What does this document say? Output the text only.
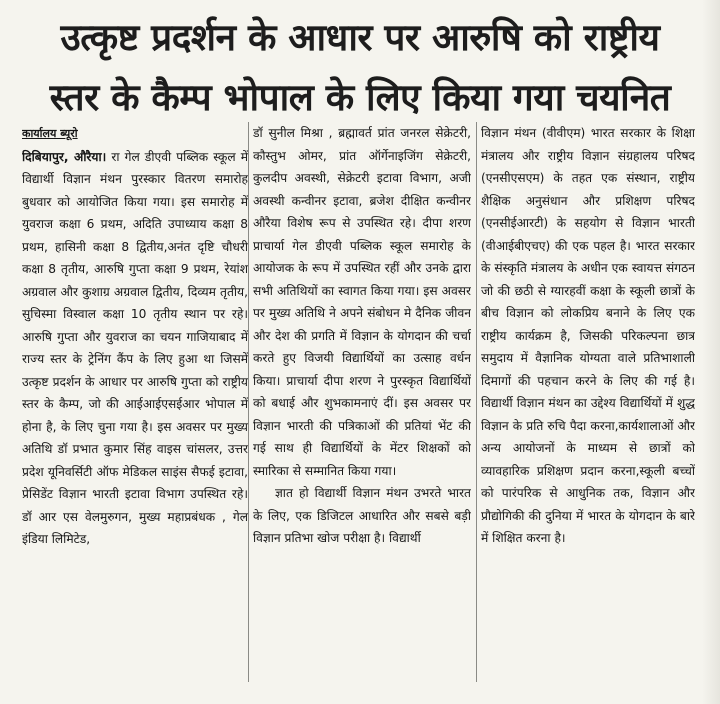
उत्कृष्ट प्रदर्शन के आधार पर आरुषि को राष्ट्रीय
स्तर के कैम्प भोपाल के लिए किया गया चयनित

कार्यालय ब्यूरो
दिबियापुर, औरैया। रा गेल डीएवी पब्लिक स्कूल में विद्यार्थी विज्ञान मंथन पुरस्कार वितरण समारोह बुधवार को आयोजित किया गया। इस समारोह में युवराज कक्षा 6 प्रथम, अदिति उपाध्याय कक्षा 8 प्रथम, हासिनी कक्षा 8 द्वितीय,अनंत दृष्टि चौधरी कक्षा 8 तृतीय, आरुषि गुप्ता कक्षा 9 प्रथम, रेयांश अग्रवाल और कुशाग्र अग्रवाल द्वितीय, दिव्यम तृतीय, सुचिस्मा विस्वाल कक्षा 10 तृतीय स्थान पर रहे। आरुषि गुप्ता और युवराज का चयन गाजियाबाद में राज्य स्तर के ट्रेनिंग कैंप के लिए हुआ था जिसमें उत्कृष्ट प्रदर्शन के आधार पर आरुषि गुप्ता को राष्ट्रीय स्तर के कैम्प, जो की आईआईएसईआर भोपाल में होना है, के लिए चुना गया है। इस अवसर पर मुख्य अतिथि डॉ प्रभात कुमार सिंह वाइस चांसलर, उत्तर प्रदेश यूनिवर्सिटी ऑफ मेडिकल साइंस सैफई इटावा, प्रेसिडेंट विज्ञान भारती इटावा विभाग उपस्थित रहे। डॉ आर एस वेलमुरुगन, मुख्य महाप्रबंधक , गेल इंडिया लिमिटेड,

डॉ सुनील मिश्रा , ब्रह्मावर्त प्रांत जनरल सेक्रेटरी, कौस्तुभ ओमर, प्रांत ऑर्गेनाइजिंग सेक्रेटरी, कुलदीप अवस्थी, सेक्रेटरी इटावा विभाग, अजी अवस्थी कन्वीनर इटावा, ब्रजेश दीक्षित कन्वीनर औरैया विशेष रूप से उपस्थित रहे। दीपा शरण प्राचार्या गेल डीएवी पब्लिक स्कूल समारोह के आयोजक के रूप में उपस्थित रहीं और उनके द्वारा सभी अतिथियों का स्वागत किया गया। इस अवसर पर मुख्य अतिथि ने अपने संबोधन मे दैनिक जीवन और देश की प्रगति में विज्ञान के योगदान की चर्चा करते हुए विजयी विद्यार्थियों का उत्साह वर्धन किया। प्राचार्या दीपा शरण ने पुरस्कृत विद्यार्थियों को बधाई और शुभकामनाएं दीं। इस अवसर पर विज्ञान भारती की पत्रिकाओं की प्रतियां भेंट की गई साथ ही विद्यार्थियों के मेंटर शिक्षकों को स्मारिका से सम्मानित किया गया।

ज्ञात हो विद्यार्थी विज्ञान मंथन उभरते भारत के लिए, एक डिजिटल आधारित और सबसे बड़ी विज्ञान प्रतिभा खोज परीक्षा है। विद्यार्थी

विज्ञान मंथन (वीवीएम) भारत सरकार के शिक्षा मंत्रालय और राष्ट्रीय विज्ञान संग्रहालय परिषद (एनसीएसएम) के तहत एक संस्थान, राष्ट्रीय शैक्षिक अनुसंधान और प्रशिक्षण परिषद (एनसीईआरटी) के सहयोग से विज्ञान भारती (वीआईबीएचए) की एक पहल है। भारत सरकार के संस्कृति मंत्रालय के अधीन एक स्वायत्त संगठन जो की छठी से ग्यारहवीं कक्षा के स्कूली छात्रों के बीच विज्ञान को लोकप्रिय बनाने के लिए एक राष्ट्रीय कार्यक्रम है, जिसकी परिकल्पना छात्र समुदाय में वैज्ञानिक योग्यता वाले प्रतिभाशाली दिमागों की पहचान करने के लिए की गई है। विद्यार्थी विज्ञान मंथन का उद्देश्य विद्यार्थियों में शुद्ध विज्ञान के प्रति रुचि पैदा करना,कार्यशालाओं और अन्य आयोजनों के माध्यम से छात्रों को व्यावहारिक प्रशिक्षण प्रदान करना,स्कूली बच्चों को पारंपरिक से आधुनिक तक, विज्ञान और प्रौद्योगिकी की दुनिया में भारत के योगदान के बारे में शिक्षित करना है।
